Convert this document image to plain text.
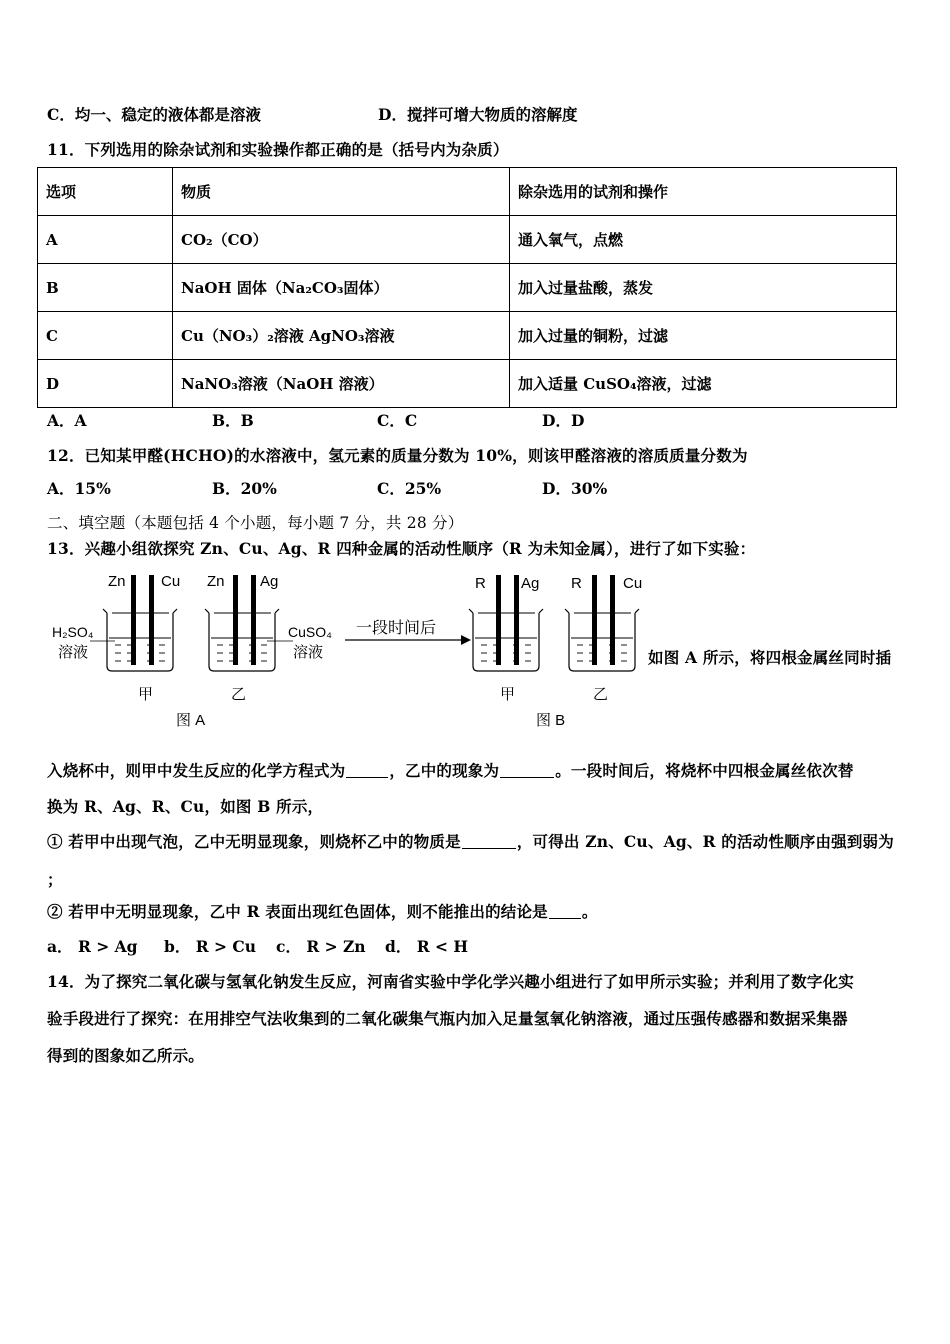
C．均一、稳定的液体都是溶液	D．搅拌可增大物质的溶解度
11．下列选用的除杂试剂和实验操作都正确的是（括号内为杂质）
选项	物质	除杂选用的试剂和操作
A	CO₂（CO）	通入氧气，点燃
B	NaOH 固体（Na₂CO₃固体）	加入过量盐酸，蒸发
C	Cu（NO₃）₂溶液 AgNO₃溶液	加入过量的铜粉，过滤
D	NaNO₃溶液（NaOH 溶液）	加入适量 CuSO₄溶液，过滤
A．A	B．B	C．C	D．D
12．已知某甲醛(HCHO)的水溶液中，氢元素的质量分数为 10%，则该甲醛溶液的溶质质量分数为
A．15%	B．20%	C．25%	D．30%
二、填空题（本题包括 4 个小题，每小题 7 分，共 28 分）
13．兴趣小组欲探究 Zn、Cu、Ag、R 四种金属的活动性顺序（R 为未知金属），进行了如下实验：
Zn Cu
H₂SO₄
溶液
甲
Zn Ag
CuSO₄
溶液
乙
图 A
一段时间后
R Ag
甲
R	Cu
乙
图 B
如图 A 所示，将四根金属丝同时插
入烧杯中，则甲中发生反应的化学方程式为	，乙中的现象为	。一段时间后，将烧杯中四根金属丝依次替
换为 R、Ag、R、Cu，如图 B 所示，
① 若甲中出现气泡，乙中无明显现象，则烧杯乙中的物质是	，可得出 Zn、Cu、Ag、R 的活动性顺序由强到弱为
；
② 若甲中无明显现象，乙中 R 表面出现红色固体，则不能推出的结论是 。
a． R > Ag b． R > Cu c． R > Zn d． R < H
14．为了探究二氧化碳与氢氧化钠发生反应，河南省实验中学化学兴趣小组进行了如甲所示实验；并利用了数字化实
验手段进行了探究：在用排空气法收集到的二氧化碳集气瓶内加入足量氢氧化钠溶液，通过压强传感器和数据采集器
得到的图象如乙所示。
